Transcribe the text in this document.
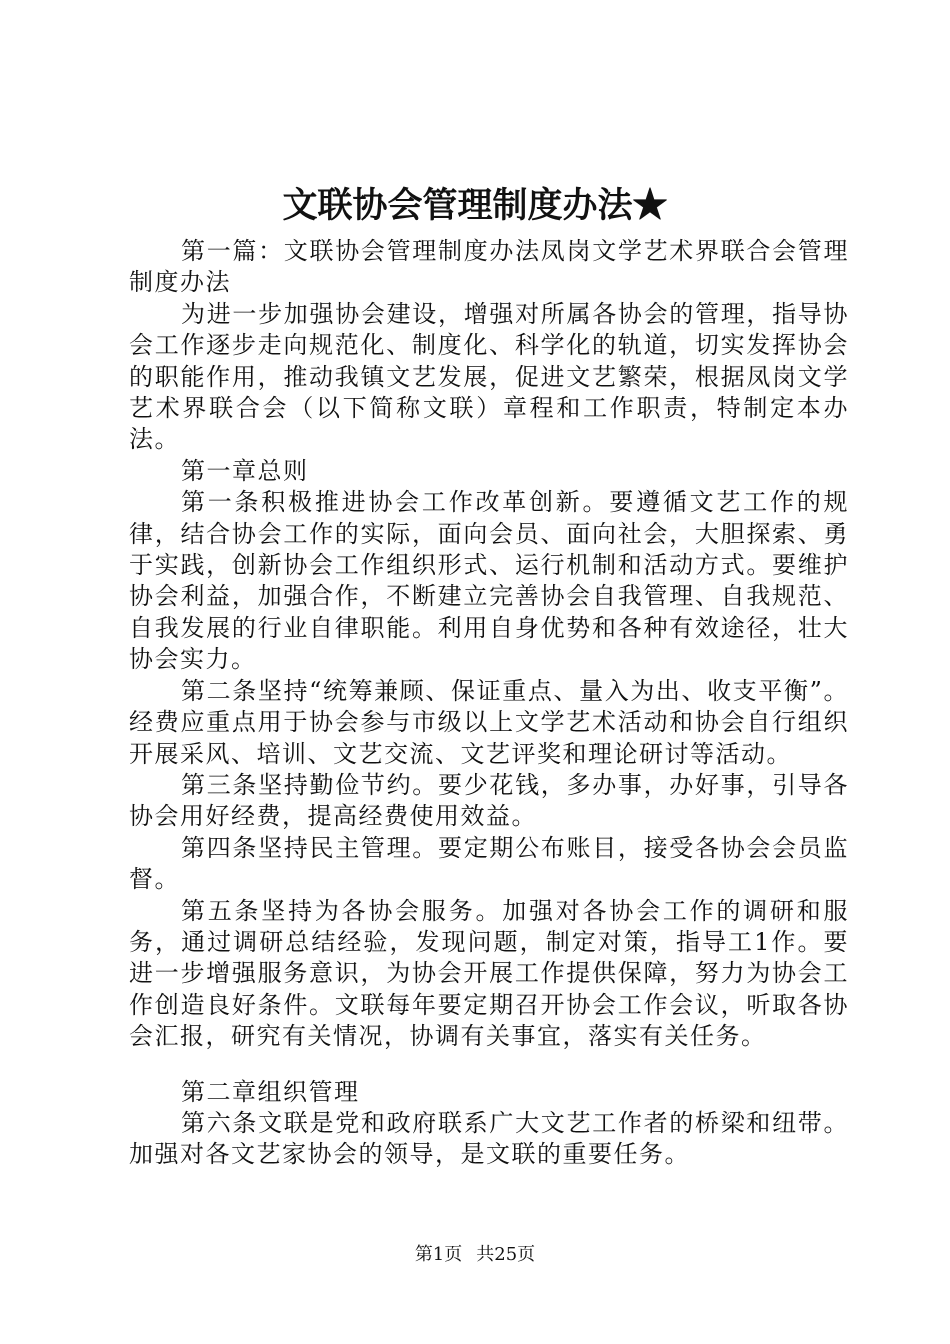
文联协会管理制度办法★

第一篇：文联协会管理制度办法凤岗文学艺术界联合会管理制度办法

为进一步加强协会建设，增强对所属各协会的管理，指导协会工作逐步走向规范化、制度化、科学化的轨道，切实发挥协会的职能作用，推动我镇文艺发展，促进文艺繁荣，根据凤岗文学艺术界联合会（以下简称文联）章程和工作职责，特制定本办法。

第一章总则

第一条积极推进协会工作改革创新。要遵循文艺工作的规律，结合协会工作的实际，面向会员、面向社会，大胆探索、勇于实践，创新协会工作组织形式、运行机制和活动方式。要维护协会利益，加强合作，不断建立完善协会自我管理、自我规范、自我发展的行业自律职能。利用自身优势和各种有效途径，壮大协会实力。

第二条坚持“统筹兼顾、保证重点、量入为出、收支平衡”。经费应重点用于协会参与市级以上文学艺术活动和协会自行组织开展采风、培训、文艺交流、文艺评奖和理论研讨等活动。

第三条坚持勤俭节约。要少花钱，多办事，办好事，引导各协会用好经费，提高经费使用效益。

第四条坚持民主管理。要定期公布账目，接受各协会会员监督。

第五条坚持为各协会服务。加强对各协会工作的调研和服务，通过调研总结经验，发现问题，制定对策，指导工1作。要进一步增强服务意识，为协会开展工作提供保障，努力为协会工作创造良好条件。文联每年要定期召开协会工作会议，听取各协会汇报，研究有关情况，协调有关事宜，落实有关任务。

第二章组织管理

第六条文联是党和政府联系广大文艺工作者的桥梁和纽带。加强对各文艺家协会的领导，是文联的重要任务。

第1页 共25页
